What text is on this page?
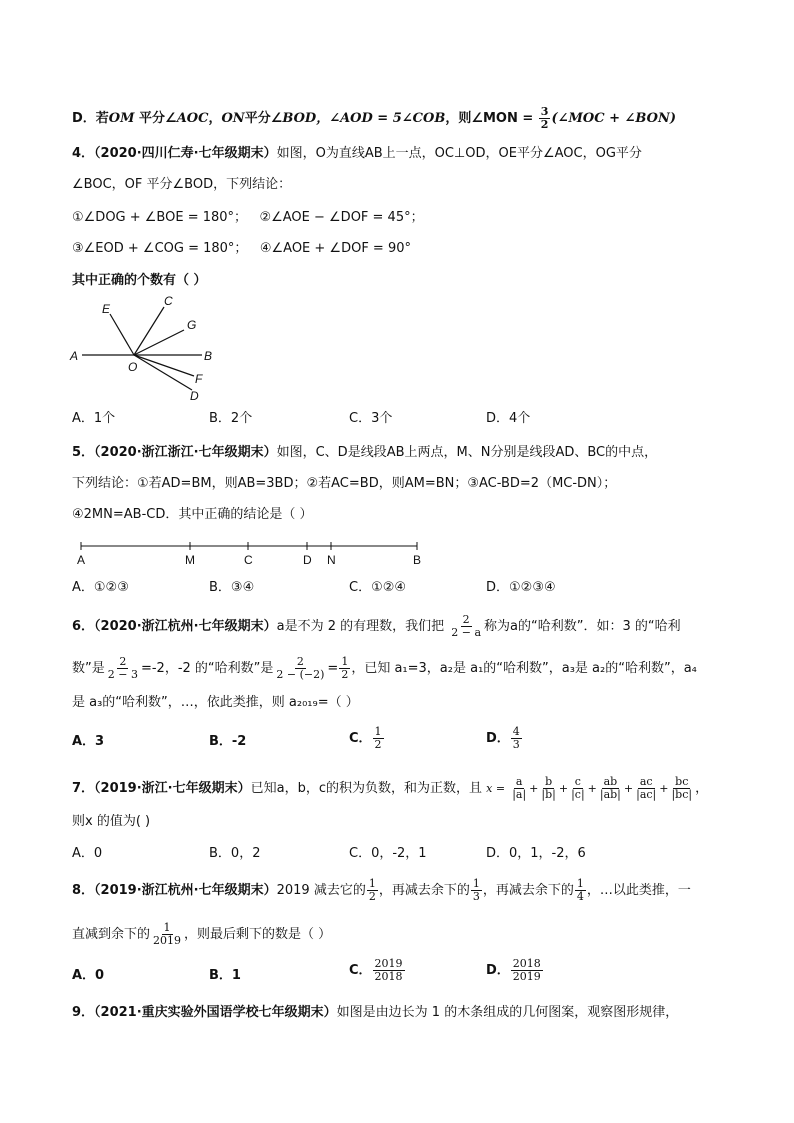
D．若OM 平分∠AOC，ON平分∠BOD，∠AOD = 5∠COB，则∠MON = $\frac{3}{2}$ (∠MOC + ∠BON)
4．（2020·四川仁寿·七年级期末）如图，O为直线AB上一点，OC⊥OD，OE平分∠AOC，OG平分
∠BOC，OF 平分∠BOD，下列结论：
①∠DOG + ∠BOE = 180°； ②∠AOE − ∠DOF = 45°；
③∠EOD + ∠COG = 180°； ④∠AOE + ∠DOF = 90°
其中正确的个数有（ ）
A	B
O
C
E
G
F
D
A．1个	B．2个	C．3个	D．4个
5．（2020·浙江浙江·七年级期末）如图，C、D是线段AB上两点，M、N分别是线段AD、BC的中点，
下列结论：①若AD=BM，则AB=3BD；②若AC=BD，则AM=BN；③AC-BD=2（MC-DN）；
④2MN=AB-CD．其中正确的结论是（ ）
A	M	C	D N	B
A．①②③	B．③④	C．①②④	D．①②③④
6．（2020·浙江杭州·七年级期末）a是不为 2 的有理数，我们把 $\frac{2}{2 - a}$ 称为a的“哈利数”．如：3 的“哈利
数”是 $\frac{2}{2 - 3} =-2$，-2 的“哈利数”是 $\frac{2}{2 - (-2)} = \frac{1}{2}$ ，已知 a₁=3，a₂是 a₁的“哈利数”，a₃是 a₂的“哈利数”，a₄
是 a₃的“哈利数”，…，依此类推，则 a₂₀₁₉=（ ）
A．3	B．-2	C． $\frac{1}{2}$	D． $\frac{4}{3}$
7．（2019·浙江·七年级期末）已知a，b，c的积为负数，和为正数，且 $x = \frac{a}{|a|} + \frac{b}{|b|} + \frac{c}{|c|} + \frac{ab}{|ab|} + \frac{ac}{|ac|} + \frac{bc}{|bc|}$ ，
则x 的值为( )
A．0	B．0，2	C．0，-2，1	D．0，1，-2，6
8．（2019·浙江杭州·七年级期末）2019 减去它的 $\frac{1}{2}$ ，再减去余下的 $\frac{1}{3}$ ，再减去余下的 $\frac{1}{4}$ ，…以此类推，一
直减到余下的 $\frac{1}{2019}$ ，则最后剩下的数是（ ）
A．0	B．1	C． $\frac{2019}{2018}$	D． $\frac{2018}{2019}$
9．（2021·重庆实验外国语学校七年级期末）如图是由边长为 1 的木条组成的几何图案，观察图形规律，
